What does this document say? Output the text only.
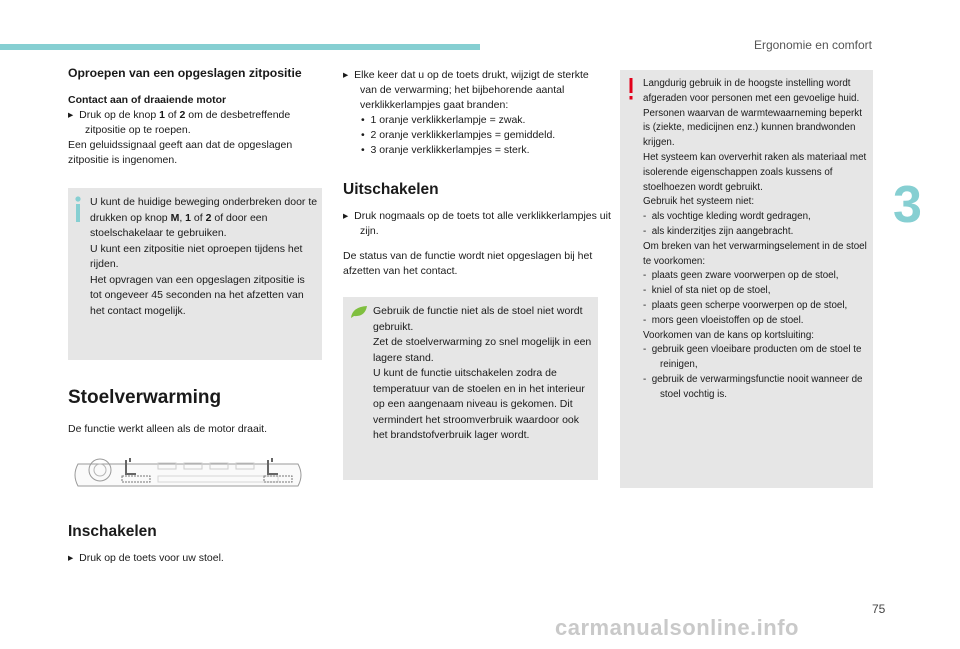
Ergonomie en comfort
3
75

Oproepen van een opgeslagen zitpositie

Contact aan of draaiende motor

▸  Druk op de knop 1 of 2 om de desbetreffende zitpositie op te roepen.

Een geluidssignaal geeft aan dat de opgeslagen zitpositie is ingenomen.

U kunt de huidige beweging onderbreken door te drukken op knop M, 1 of 2 of door een stoelschakelaar te gebruiken.

U kunt een zitpositie niet oproepen tijdens het rijden.

Het opvragen van een opgeslagen zitpositie is tot ongeveer 45 seconden na het afzetten van het contact mogelijk.

Stoelverwarming
De functie werkt alleen als de motor draait.
Inschakelen
▸  Druk op de toets voor uw stoel.

▸  Elke keer dat u op de toets drukt, wijzigt de sterkte van de verwarming; het bijbehorende aantal verklikkerlampjes gaat branden:

•  1 oranje verklikkerlampje = zwak.

•  2 oranje verklikkerlampjes = gemiddeld.

•  3 oranje verklikkerlampjes = sterk.

Uitschakelen
▸  Druk nogmaals op de toets tot alle verklikkerlampjes uit zijn.
De status van de functie wordt niet opgeslagen bij het afzetten van het contact.

Gebruik de functie niet als de stoel niet wordt gebruikt.

Zet de stoelverwarming zo snel mogelijk in een lagere stand.

U kunt de functie uitschakelen zodra de temperatuur van de stoelen en in het interieur op een aangenaam niveau is gekomen. Dit vermindert het stroomverbruik waardoor ook het brandstofverbruik lager wordt.

Langdurig gebruik in de hoogste instelling wordt afgeraden voor personen met een gevoelige huid.

Personen waarvan de warmtewaarneming beperkt is (ziekte, medicijnen enz.) kunnen brandwonden krijgen.

Het systeem kan oververhit raken als materiaal met isolerende eigenschappen zoals kussens of stoelhoezen wordt gebruikt.

Gebruik het systeem niet:

-  als vochtige kleding wordt gedragen,

-  als kinderzitjes zijn aangebracht.

Om breken van het verwarmingselement in de stoel te voorkomen:

-  plaats geen zware voorwerpen op de stoel,

-  kniel of sta niet op de stoel,

-  plaats geen scherpe voorwerpen op de stoel,

-  mors geen vloeistoffen op de stoel.

Voorkomen van de kans op kortsluiting:

-  gebruik geen vloeibare producten om de stoel te reinigen,

-  gebruik de verwarmingsfunctie nooit wanneer de stoel vochtig is.

carmanualsonline.info
